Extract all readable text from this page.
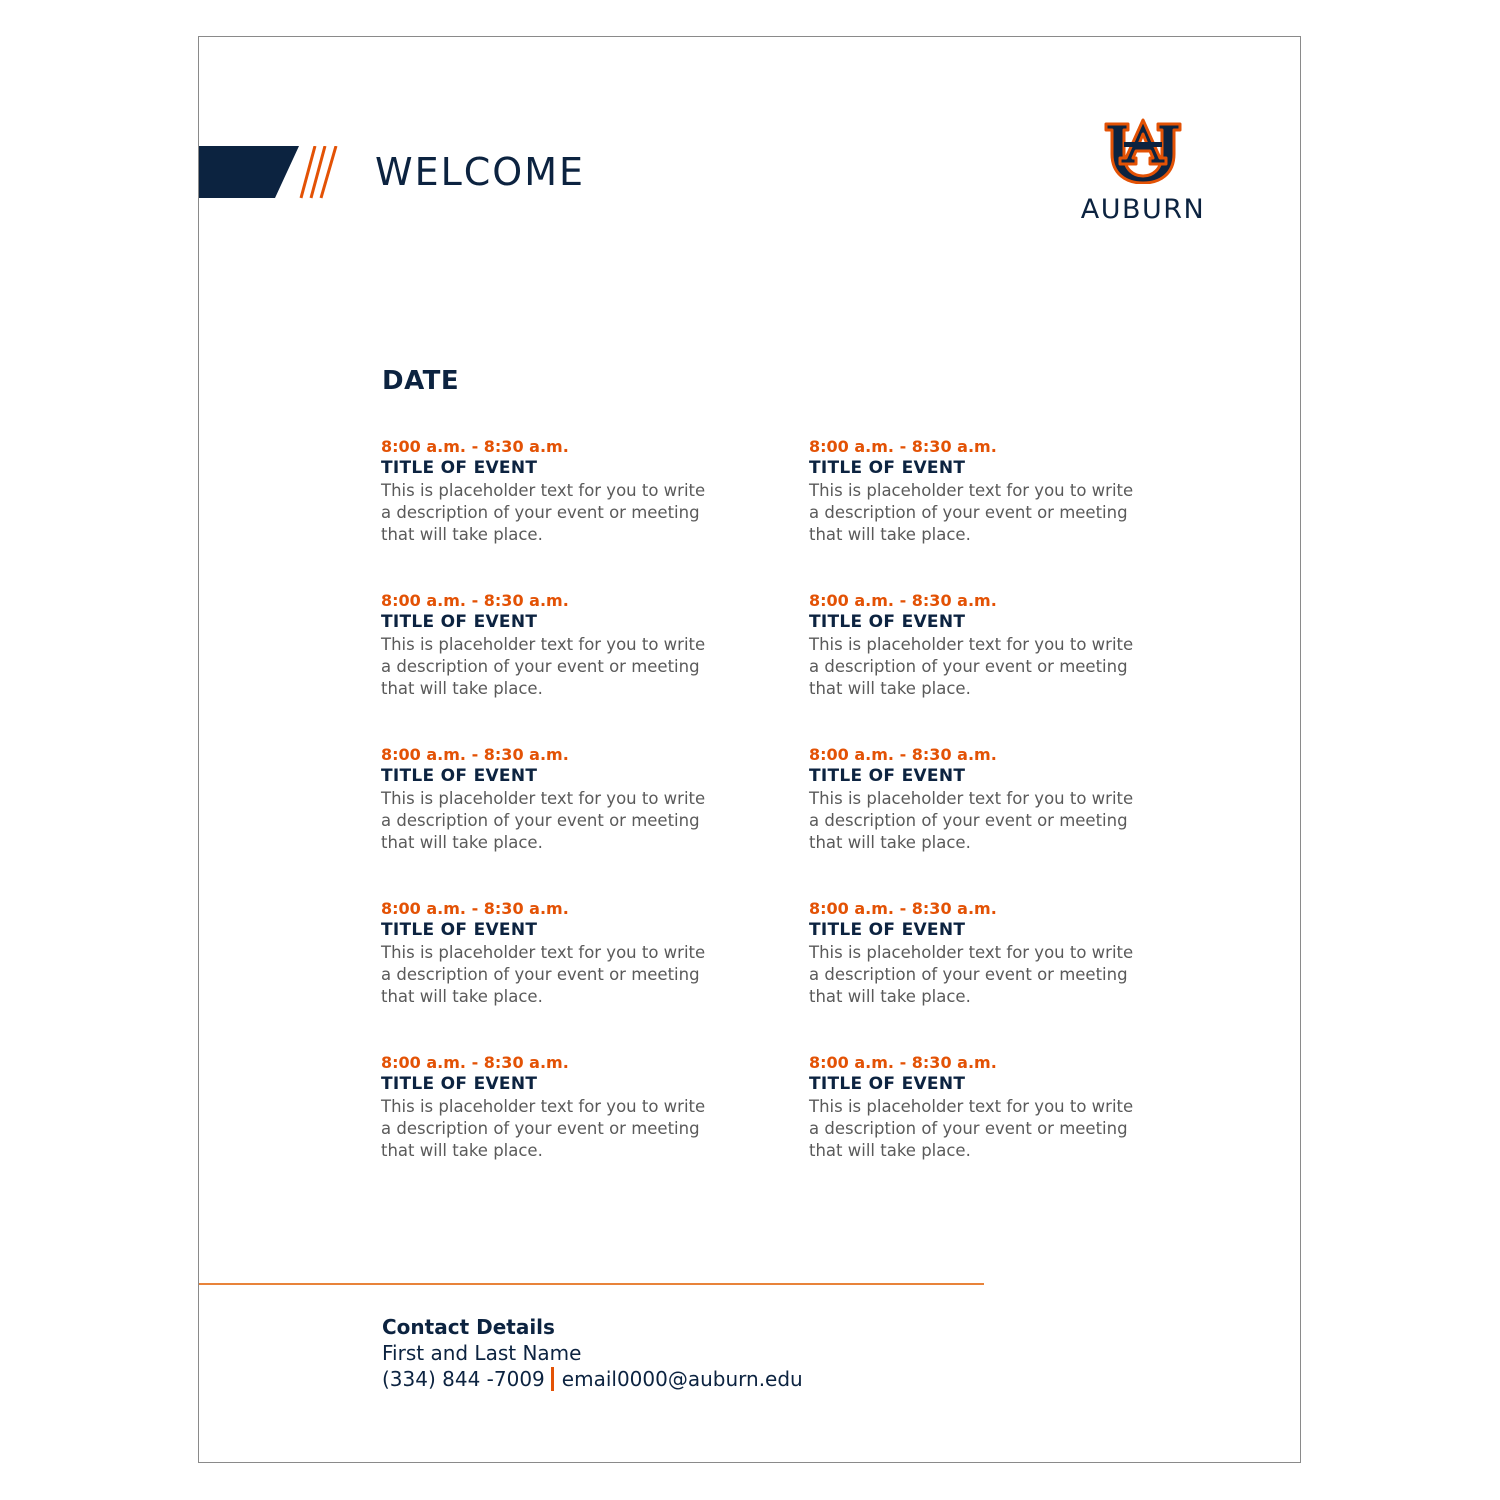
WELCOME
AUBURN
DATE
8:00 a.m. - 8:30 a.m.
TITLE OF EVENT
This is placeholder text for you to write a description of your event or meeting that will take place.
8:00 a.m. - 8:30 a.m.
TITLE OF EVENT
This is placeholder text for you to write a description of your event or meeting that will take place.
8:00 a.m. - 8:30 a.m.
TITLE OF EVENT
This is placeholder text for you to write a description of your event or meeting that will take place.
8:00 a.m. - 8:30 a.m.
TITLE OF EVENT
This is placeholder text for you to write a description of your event or meeting that will take place.
8:00 a.m. - 8:30 a.m.
TITLE OF EVENT
This is placeholder text for you to write a description of your event or meeting that will take place.
8:00 a.m. - 8:30 a.m.
TITLE OF EVENT
This is placeholder text for you to write a description of your event or meeting that will take place.
8:00 a.m. - 8:30 a.m.
TITLE OF EVENT
This is placeholder text for you to write a description of your event or meeting that will take place.
8:00 a.m. - 8:30 a.m.
TITLE OF EVENT
This is placeholder text for you to write a description of your event or meeting that will take place.
8:00 a.m. - 8:30 a.m.
TITLE OF EVENT
This is placeholder text for you to write a description of your event or meeting that will take place.
8:00 a.m. - 8:30 a.m.
TITLE OF EVENT
This is placeholder text for you to write a description of your event or meeting that will take place.
Contact Details
First and Last Name
(334) 844 -7009 email0000@auburn.edu
